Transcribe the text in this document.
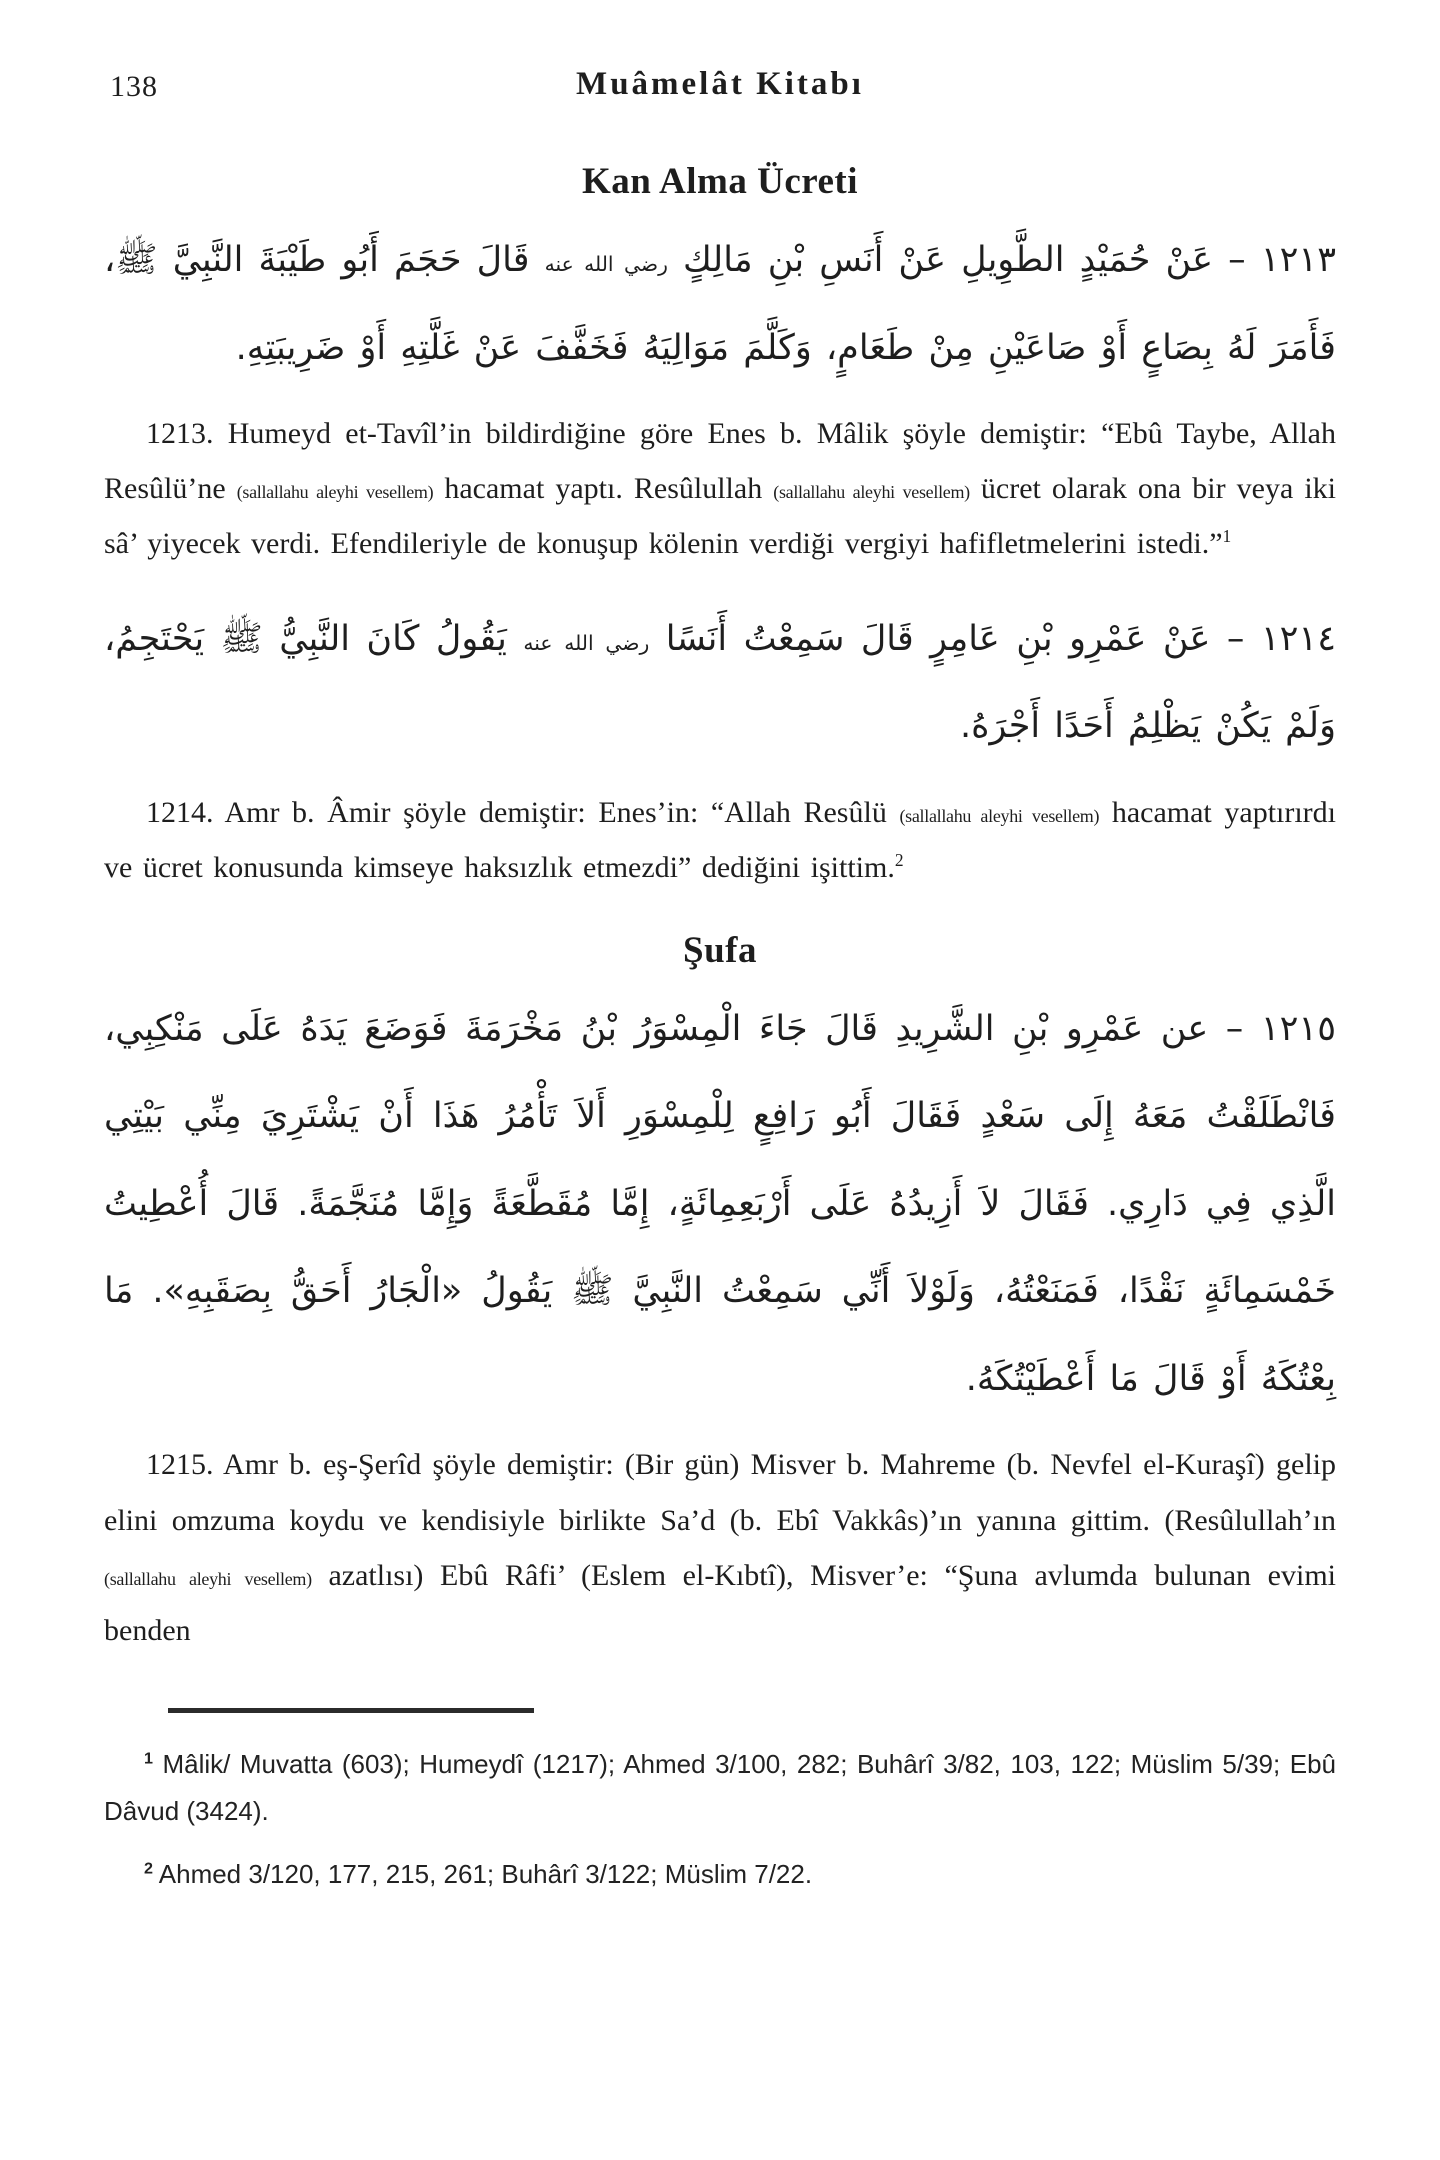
138	Muâmelât Kitabı
Kan Alma Ücreti

١٢١٣ – عَنْ حُمَيْدٍ الطَّوِيلِ عَنْ أَنَسِ بْنِ مَالِكٍ رضي الله عنه قَالَ حَجَمَ أَبُو طَيْبَةَ النَّبِيَّ ﷺ، فَأَمَرَ لَهُ بِصَاعٍ أَوْ صَاعَيْنِ مِنْ طَعَامٍ، وَكَلَّمَ مَوَالِيَهُ فَخَفَّفَ عَنْ غَلَّتِهِ أَوْ ضَرِيبَتِهِ.

1213. Humeyd et-Tavîl’in bildirdiğine göre Enes b. Mâlik şöyle demiştir: “Ebû Taybe, Allah Resûlü’ne (sallallahu aleyhi vesellem) hacamat yaptı. Resûlullah (sallallahu aleyhi vesellem) ücret olarak ona bir veya iki sâ’ yiyecek verdi. Efendileriyle de konuşup kölenin verdiği vergiyi hafifletmelerini istedi.”$^1$

١٢١٤ – عَنْ عَمْرِو بْنِ عَامِرٍ قَالَ سَمِعْتُ أَنَسًا رضي الله عنه يَقُولُ كَانَ النَّبِيُّ ﷺ يَحْتَجِمُ، وَلَمْ يَكُنْ يَظْلِمُ أَحَدًا أَجْرَهُ.

1214. Amr b. Âmir şöyle demiştir: Enes’in: “Allah Resûlü (sallallahu aleyhi vesellem) hacamat yaptırırdı ve ücret konusunda kimseye haksızlık etmezdi” dediğini işittim.$^2$

Şufa

١٢١٥ – عن عَمْرِو بْنِ الشَّرِيدِ قَالَ جَاءَ الْمِسْوَرُ بْنُ مَخْرَمَةَ فَوَضَعَ يَدَهُ عَلَى مَنْكِبِي، فَانْطَلَقْتُ مَعَهُ إِلَى سَعْدٍ فَقَالَ أَبُو رَافِعٍ لِلْمِسْوَرِ أَلاَ تَأْمُرُ هَذَا أَنْ يَشْتَرِيَ مِنِّي بَيْتِي الَّذِي فِي دَارِي. فَقَالَ لاَ أَزِيدُهُ عَلَى أَرْبَعِمِائَةٍ، إِمَّا مُقَطَّعَةً وَإِمَّا مُنَجَّمَةً. قَالَ أُعْطِيتُ خَمْسَمِائَةٍ نَقْدًا، فَمَنَعْتُهُ، وَلَوْلاَ أَنِّي سَمِعْتُ النَّبِيَّ ﷺ يَقُولُ «الْجَارُ أَحَقُّ بِصَقَبِهِ». مَا بِعْتُكَهُ أَوْ قَالَ مَا أَعْطَيْتُكَهُ.

1215. Amr b. eş-Şerîd şöyle demiştir: (Bir gün) Misver b. Mahreme (b. Nevfel el-Kuraşî) gelip elini omzuma koydu ve kendisiyle birlikte Sa’d (b. Ebî Vakkâs)’ın yanına gittim. (Resûlullah’ın (sallallahu aleyhi vesellem) azatlısı) Ebû Râfi’ (Eslem el-Kıbtî), Misver’e: “Şuna avlumda bulunan evimi benden

$^1$ Mâlik/ Muvatta (603); Humeydî (1217); Ahmed 3/100, 282; Buhârî 3/82, 103, 122; Müslim 5/39; Ebû Dâvud (3424).

$^2$ Ahmed 3/120, 177, 215, 261; Buhârî 3/122; Müslim 7/22.
